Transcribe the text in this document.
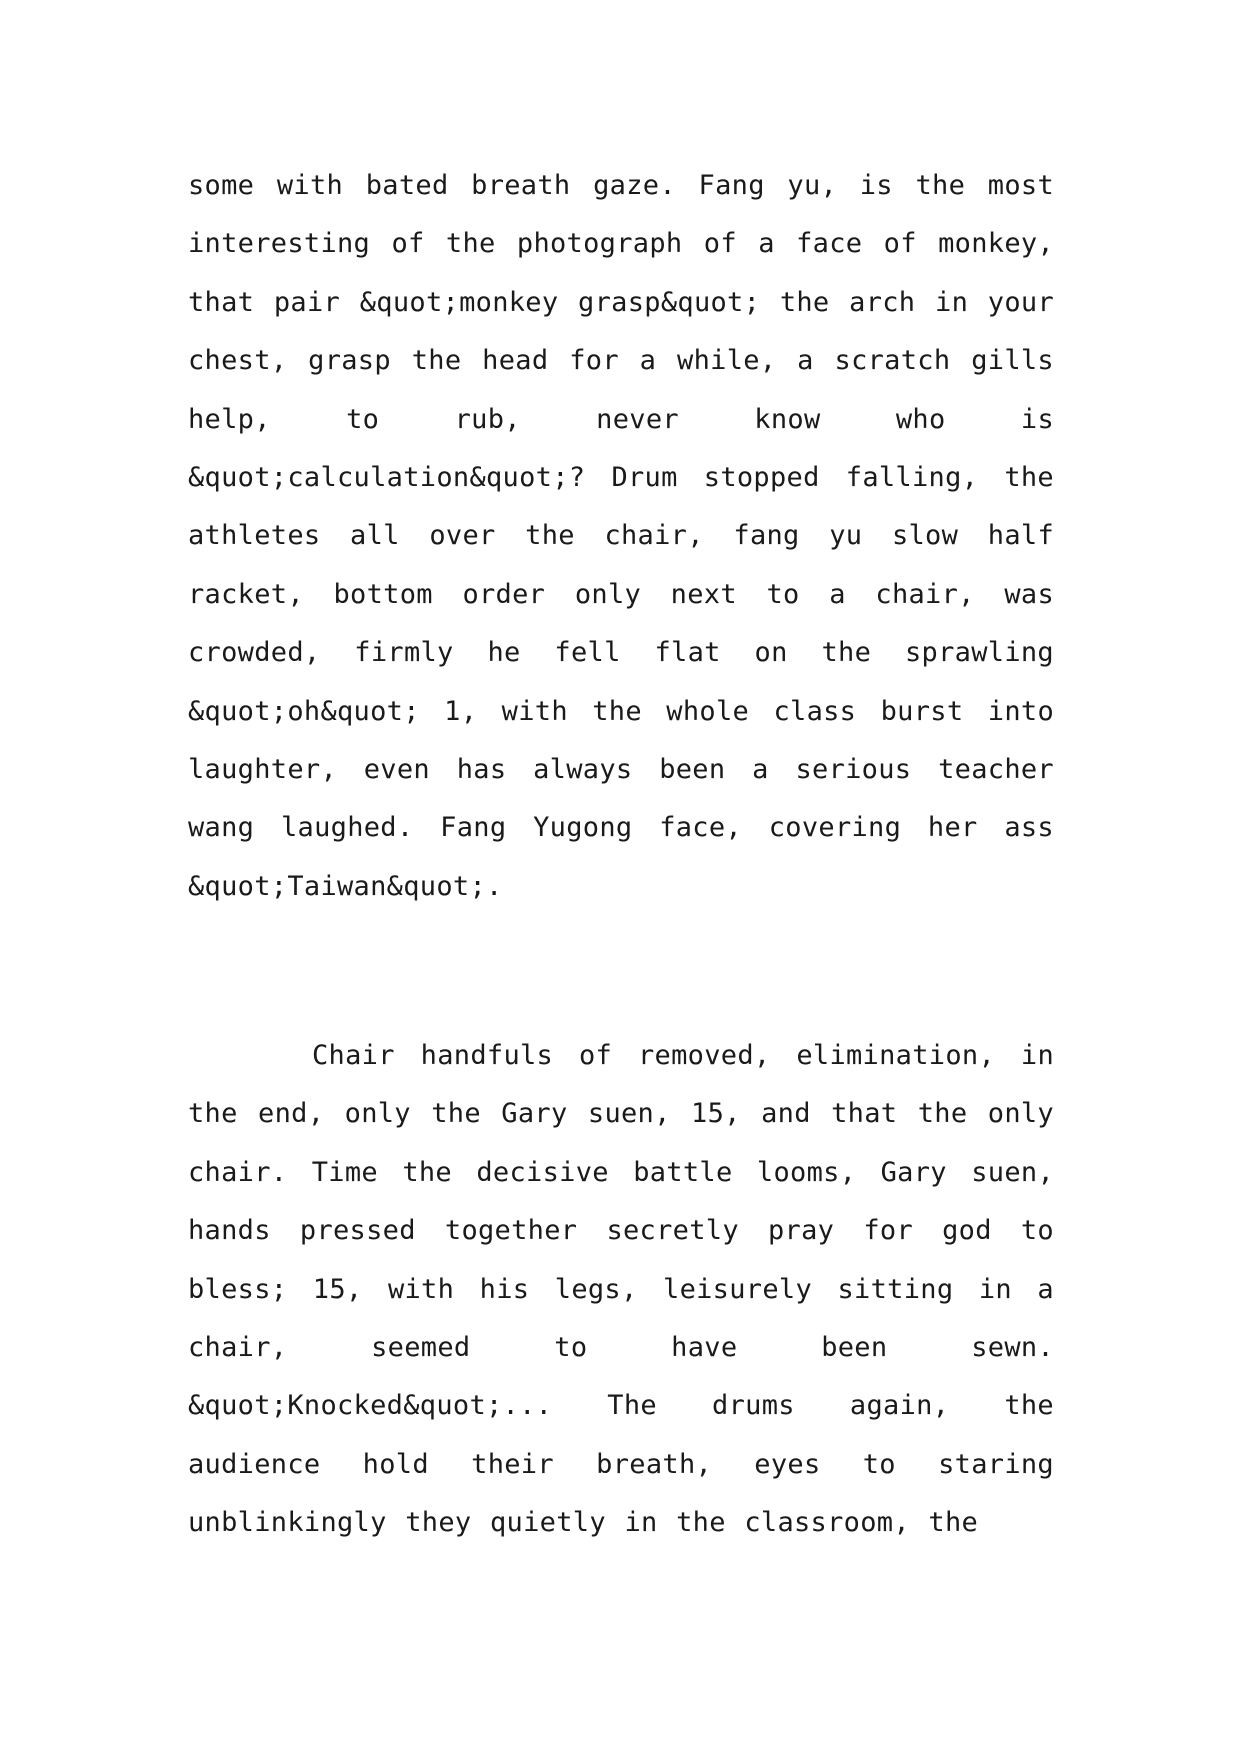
some with bated breath gaze. Fang yu, is the most interesting of the photograph of a face of monkey, that pair &quot;monkey grasp&quot; the arch in your chest, grasp the head for a while, a scratch gills help, to rub, never know who is &quot;calculation&quot;? Drum stopped falling, the athletes all over the chair, fang yu slow half racket, bottom order only next to a chair, was crowded, firmly he fell flat on the sprawling &quot;oh&quot; 1, with the whole class burst into laughter, even has always been a serious teacher wang laughed. Fang Yugong face, covering her ass &quot;Taiwan&quot;.

Chair handfuls of removed, elimination, in the end, only the Gary suen, 15, and that the only chair. Time the decisive battle looms, Gary suen, hands pressed together secretly pray for god to bless; 15, with his legs, leisurely sitting in a chair, seemed to have been sewn. &quot;Knocked&quot;... The drums again, the audience hold their breath, eyes to staring unblinkingly they quietly in the classroom, the
